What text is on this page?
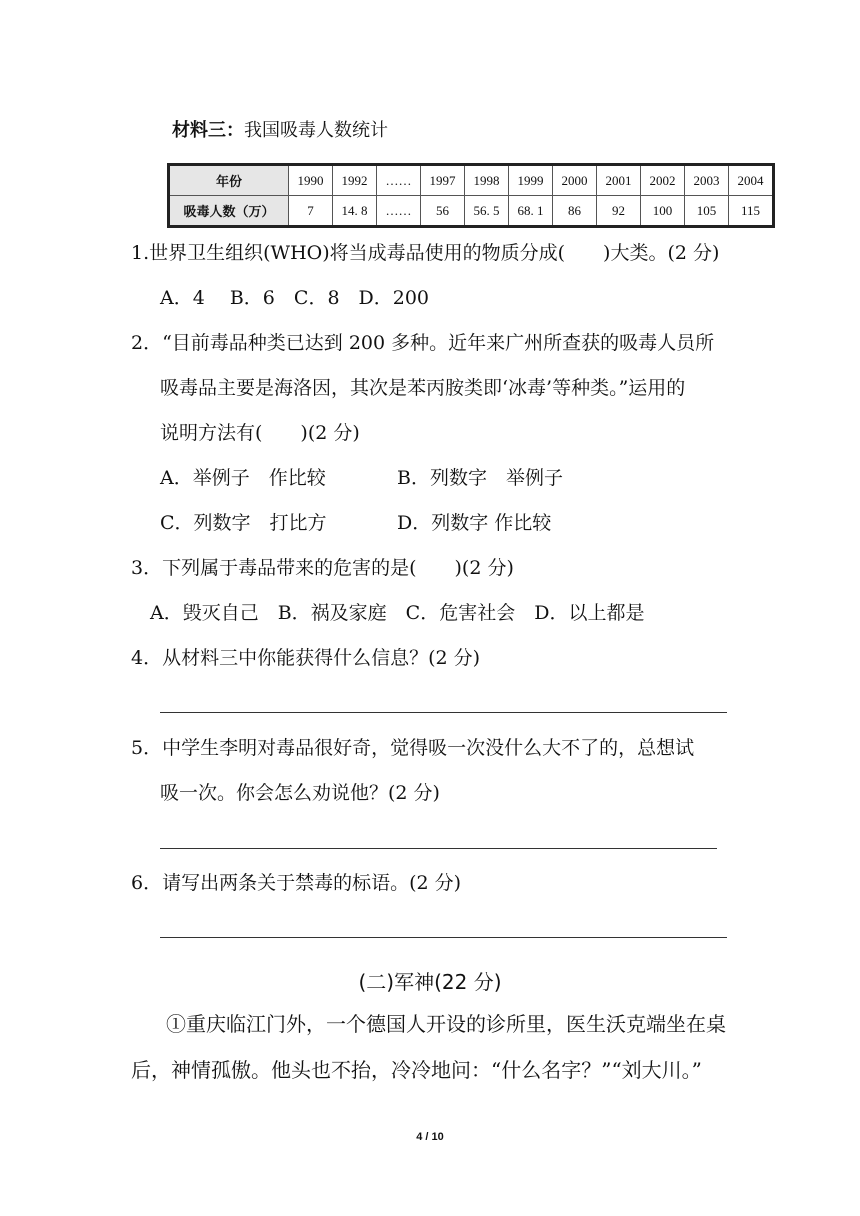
材料三：我国吸毒人数统计
年份	1990	1992	……	1997	1998	1999	2000	2001	2002	2003	2004
吸毒人数（万）	7	14. 8	……	56	56. 5	68. 1	86	92	100	105	115
1.世界卫生组织(WHO)将当成毒品使用的物质分成(　　)大类。(2 分)
A．4　 B．6　C．8　D．200
2．“目前毒品种类已达到 200 多种。近年来广州所查获的吸毒人员所
吸毒品主要是海洛因，其次是苯丙胺类即‘冰毒’等种类。”运用的
说明方法有(　　)(2 分)
A．举例子　作比较	B．列数字　举例子
C．列数字　打比方	D．列数字 作比较
3．下列属于毒品带来的危害的是(　　)(2 分)
A．毁灭自己　B．祸及家庭　C．危害社会　D．以上都是
4．从材料三中你能获得什么信息？(2 分)
5．中学生李明对毒品很好奇，觉得吸一次没什么大不了的，总想试
吸一次。你会怎么劝说他？(2 分)
6．请写出两条关于禁毒的标语。(2 分)
(二)军神(22 分)
①重庆临江门外，一个德国人开设的诊所里，医生沃克端坐在桌
后，神情孤傲。他头也不抬，冷冷地问：“什么名字？”“刘大川。”
4 / 10
